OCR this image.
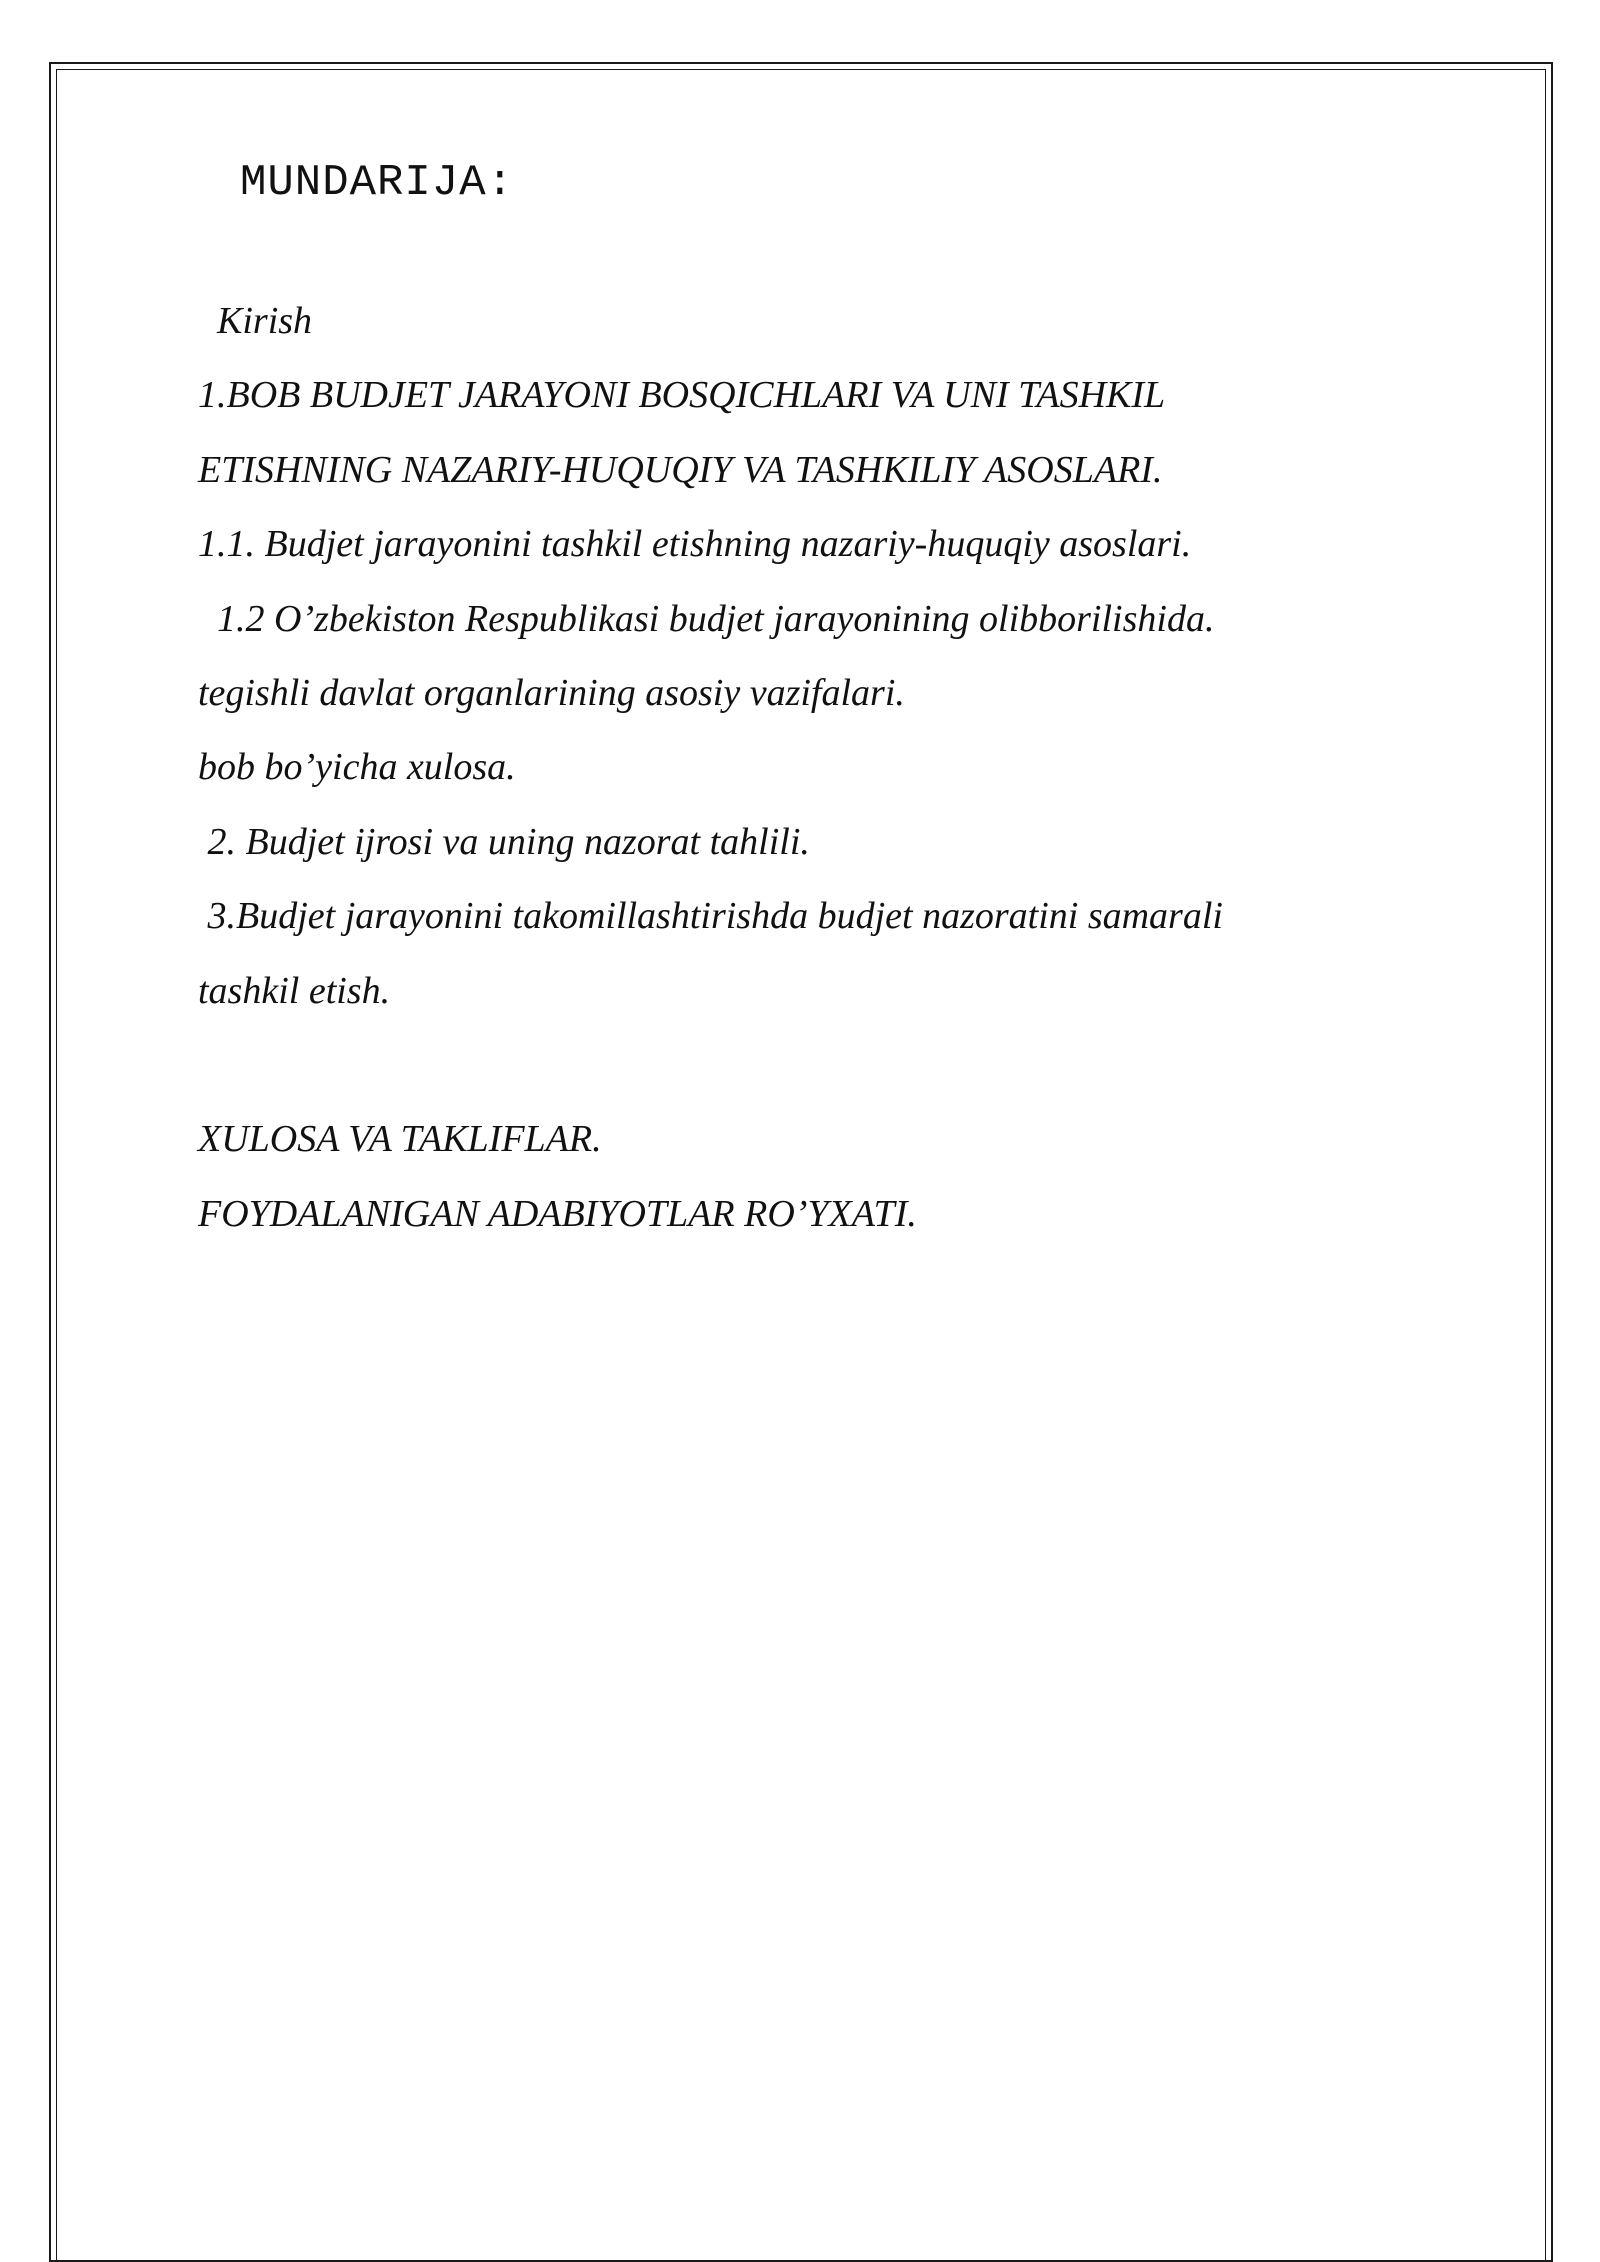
MUNDARIJA:
Kirish
1.BOB BUDJET JARAYONI BOSQICHLARI VA UNI TASHKIL
ETISHNING NAZARIY-HUQUQIY VA TASHKILIY ASOSLARI.
1.1. Budjet jarayonini tashkil etishning nazariy-huquqiy asoslari.
1.2 O’zbekiston Respublikasi budjet jarayonining olibborilishida.
tegishli davlat organlarining asosiy vazifalari.
bob bo’yicha xulosa.
2. Budjet ijrosi va uning nazorat tahlili.
3.Budjet jarayonini takomillashtirishda budjet nazoratini samarali
tashkil etish.
XULOSA VA TAKLIFLAR.
FOYDALANIGAN ADABIYOTLAR RO’YXATI.
